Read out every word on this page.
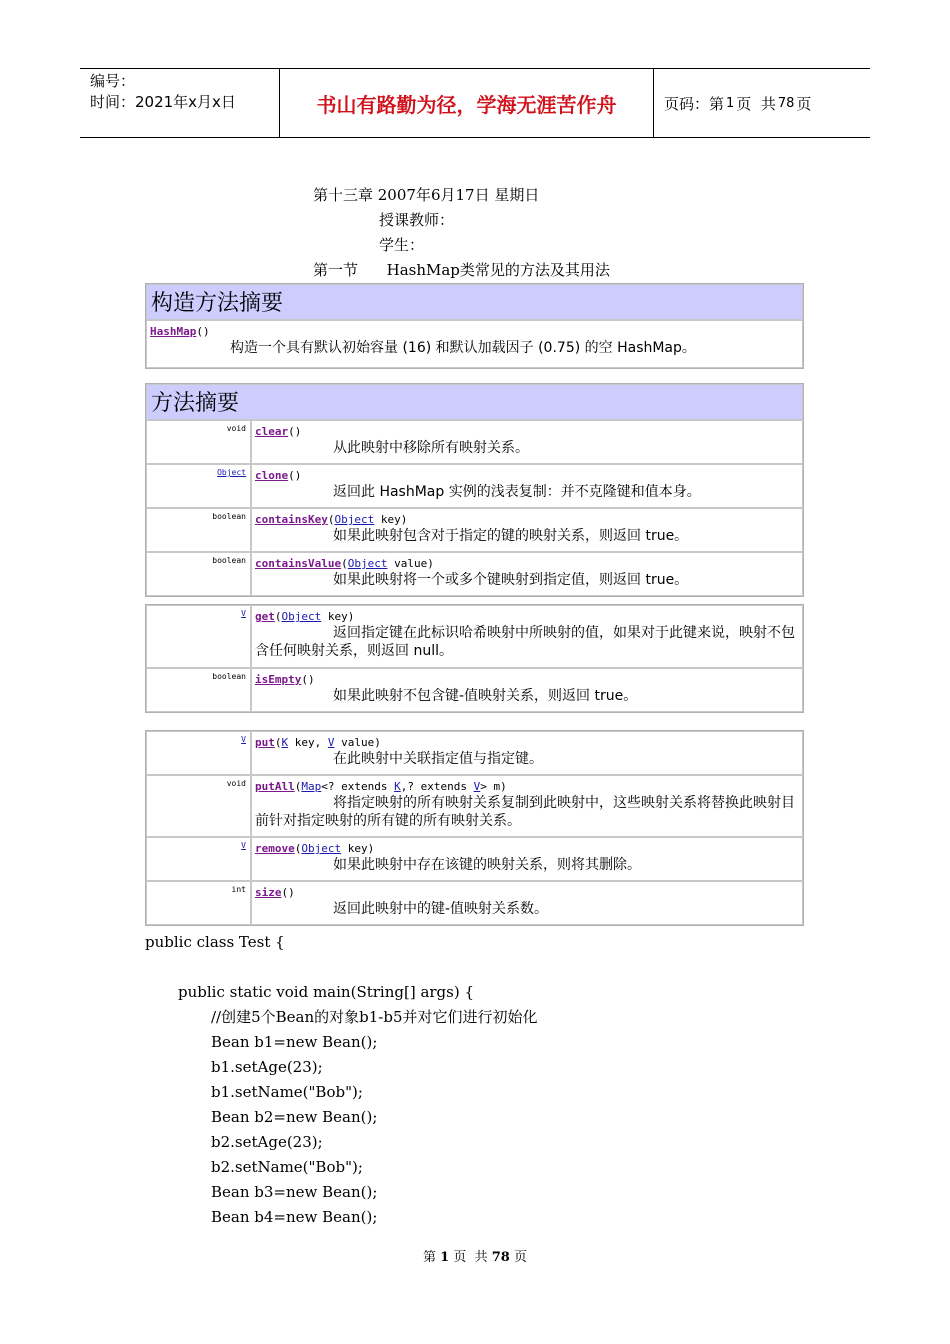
编号：
时间：2021年x月x日	书山有路勤为径，学海无涯苦作舟	页码：第 1 页  共 78 页
第十三章 2007年6月17日 星期日
授课教师：
学生：
第一节      HashMap类常见的方法及其用法
构造方法摘要

HashMap()
构造一个具有默认初始容量 (16) 和默认加载因子 (0.75) 的空 HashMap。
方法摘要	
void	clear()
从此映射中移除所有映射关系。

Object	clone()
返回此 HashMap 实例的浅表复制：并不克隆键和值本身。

boolean	containsKey(Object key)
如果此映射包含对于指定的键的映射关系，则返回 true。

boolean	containsValue(Object value)
如果此映射将一个或多个键映射到指定值，则返回 true。
V	get(Object key)
返回指定键在此标识哈希映射中所映射的值，如果对于此键来说，映射不包含任何映射关系，则返回 null。

boolean	isEmpty()
如果此映射不包含键-值映射关系，则返回 true。
V	put(K key, V value)
在此映射中关联指定值与指定键。

void	putAll(Map<? extends K,? extends V> m)
将指定映射的所有映射关系复制到此映射中，这些映射关系将替换此映射目前针对指定映射的所有键的所有映射关系。

V	remove(Object key)
如果此映射中存在该键的映射关系，则将其删除。

int	size()
返回此映射中的键-值映射关系数。
public class Test {
public static void main(String[] args) {
//创建5个Bean的对象b1-b5并对它们进行初始化
Bean b1=new Bean();
b1.setAge(23);
b1.setName("Bob");
Bean b2=new Bean();
b2.setAge(23);
b2.setName("Bob");
Bean b3=new Bean();
Bean b4=new Bean();
第 1 页  共 78 页
